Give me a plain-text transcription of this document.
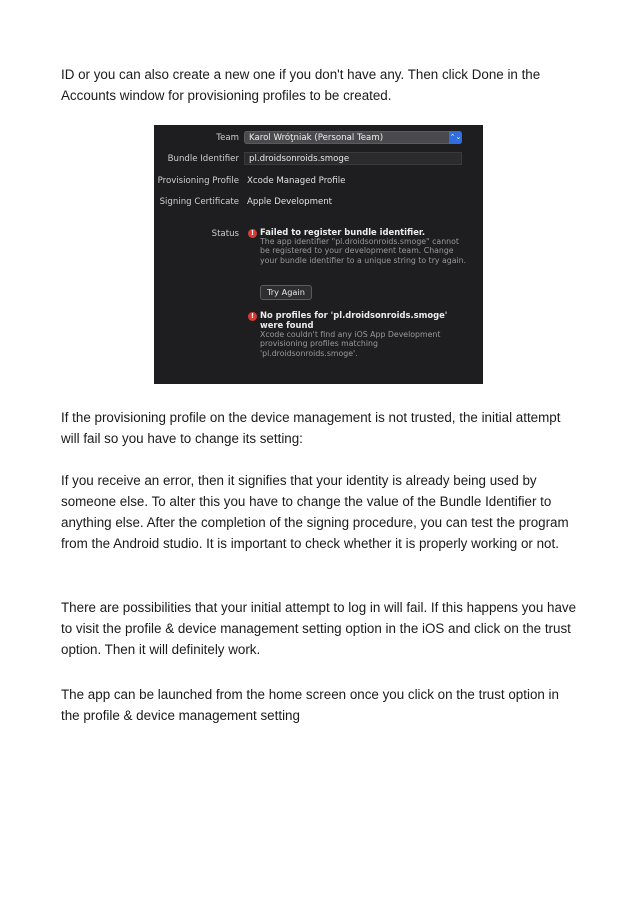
ID or you can also create a new one if you don't have any. Then click Done in the Accounts window for provisioning profiles to be created.

Team Karol Wróţniak (Personal Team)	⌃⌄
Bundle Identifier pl.droidsonroids.smoge
Provisioning Profile Xcode Managed Profile
Signing Certificate Apple Development
Status	! Failed to register bundle identifier.
The app identifier "pl.droidsonroids.smoge" cannot be registered to your development team. Change your bundle identifier to a unique string to try again.
Try Again
! No profiles for 'pl.droidsonroids.smoge' were found
Xcode couldn't find any iOS App Development provisioning profiles matching 'pl.droidsonroids.smoge'.

If the provisioning profile on the device management is not trusted, the initial attempt will fail so you have to change its setting:

If you receive an error, then it signifies that your identity is already being used by someone else. To alter this you have to change the value of the Bundle Identifier to anything else. After the completion of the signing procedure, you can test the program from the Android studio. It is important to check whether it is properly working or not.

There are possibilities that your initial attempt to log in will fail. If this happens you have to visit the profile & device management setting option in the iOS and click on the trust option. Then it will definitely work.

The app can be launched from the home screen once you click on the trust option in the profile & device management setting
